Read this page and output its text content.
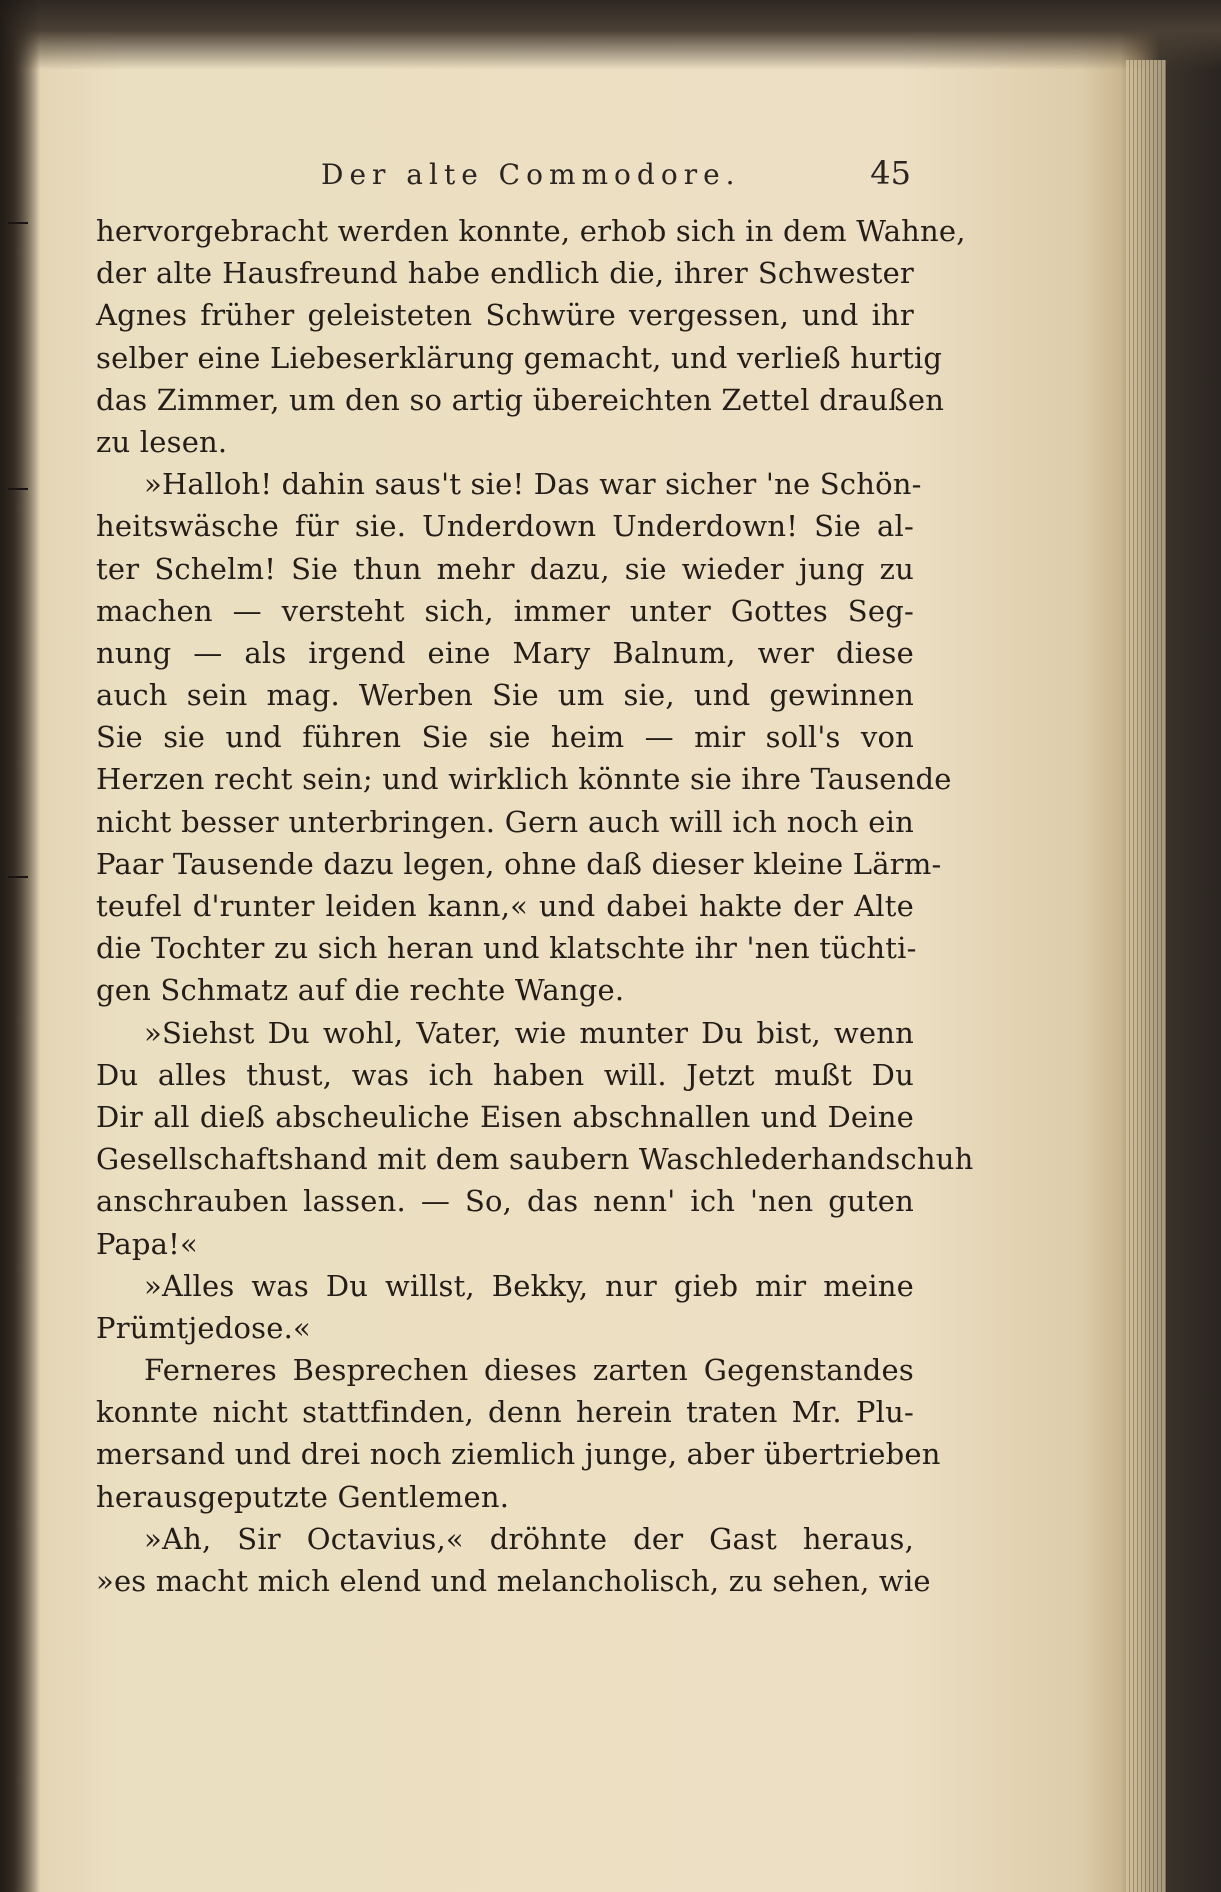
Der alte Commodore.	45
hervorgebracht werden konnte, erhob sich in dem Wahne,
der alte Hausfreund habe endlich die, ihrer Schwester
Agnes früher geleisteten Schwüre vergessen, und ihr
selber eine Liebeserklärung gemacht, und verließ hurtig
das Zimmer, um den so artig übereichten Zettel draußen
zu lesen.
»Halloh! dahin saus't sie! Das war sicher 'ne Schön-
heitswäsche für sie. Underdown Underdown! Sie al-
ter Schelm! Sie thun mehr dazu, sie wieder jung zu
machen — versteht sich, immer unter Gottes Seg-
nung — als irgend eine Mary Balnum, wer diese
auch sein mag. Werben Sie um sie, und gewinnen
Sie sie und führen Sie sie heim — mir soll's von
Herzen recht sein; und wirklich könnte sie ihre Tausende
nicht besser unterbringen. Gern auch will ich noch ein
Paar Tausende dazu legen, ohne daß dieser kleine Lärm-
teufel d'runter leiden kann,« und dabei hakte der Alte
die Tochter zu sich heran und klatschte ihr 'nen tüchti-
gen Schmatz auf die rechte Wange.
»Siehst Du wohl, Vater, wie munter Du bist, wenn
Du alles thust, was ich haben will. Jetzt mußt Du
Dir all dieß abscheuliche Eisen abschnallen und Deine
Gesellschaftshand mit dem saubern Waschlederhandschuh
anschrauben lassen. — So, das nenn' ich 'nen guten
Papa!«
»Alles was Du willst, Bekky, nur gieb mir meine
Prümtjedose.«
Ferneres Besprechen dieses zarten Gegenstandes
konnte nicht stattfinden, denn herein traten Mr. Plu-
mersand und drei noch ziemlich junge, aber übertrieben
herausgeputzte Gentlemen.
»Ah, Sir Octavius,« dröhnte der Gast heraus,
»es macht mich elend und melancholisch, zu sehen, wie
